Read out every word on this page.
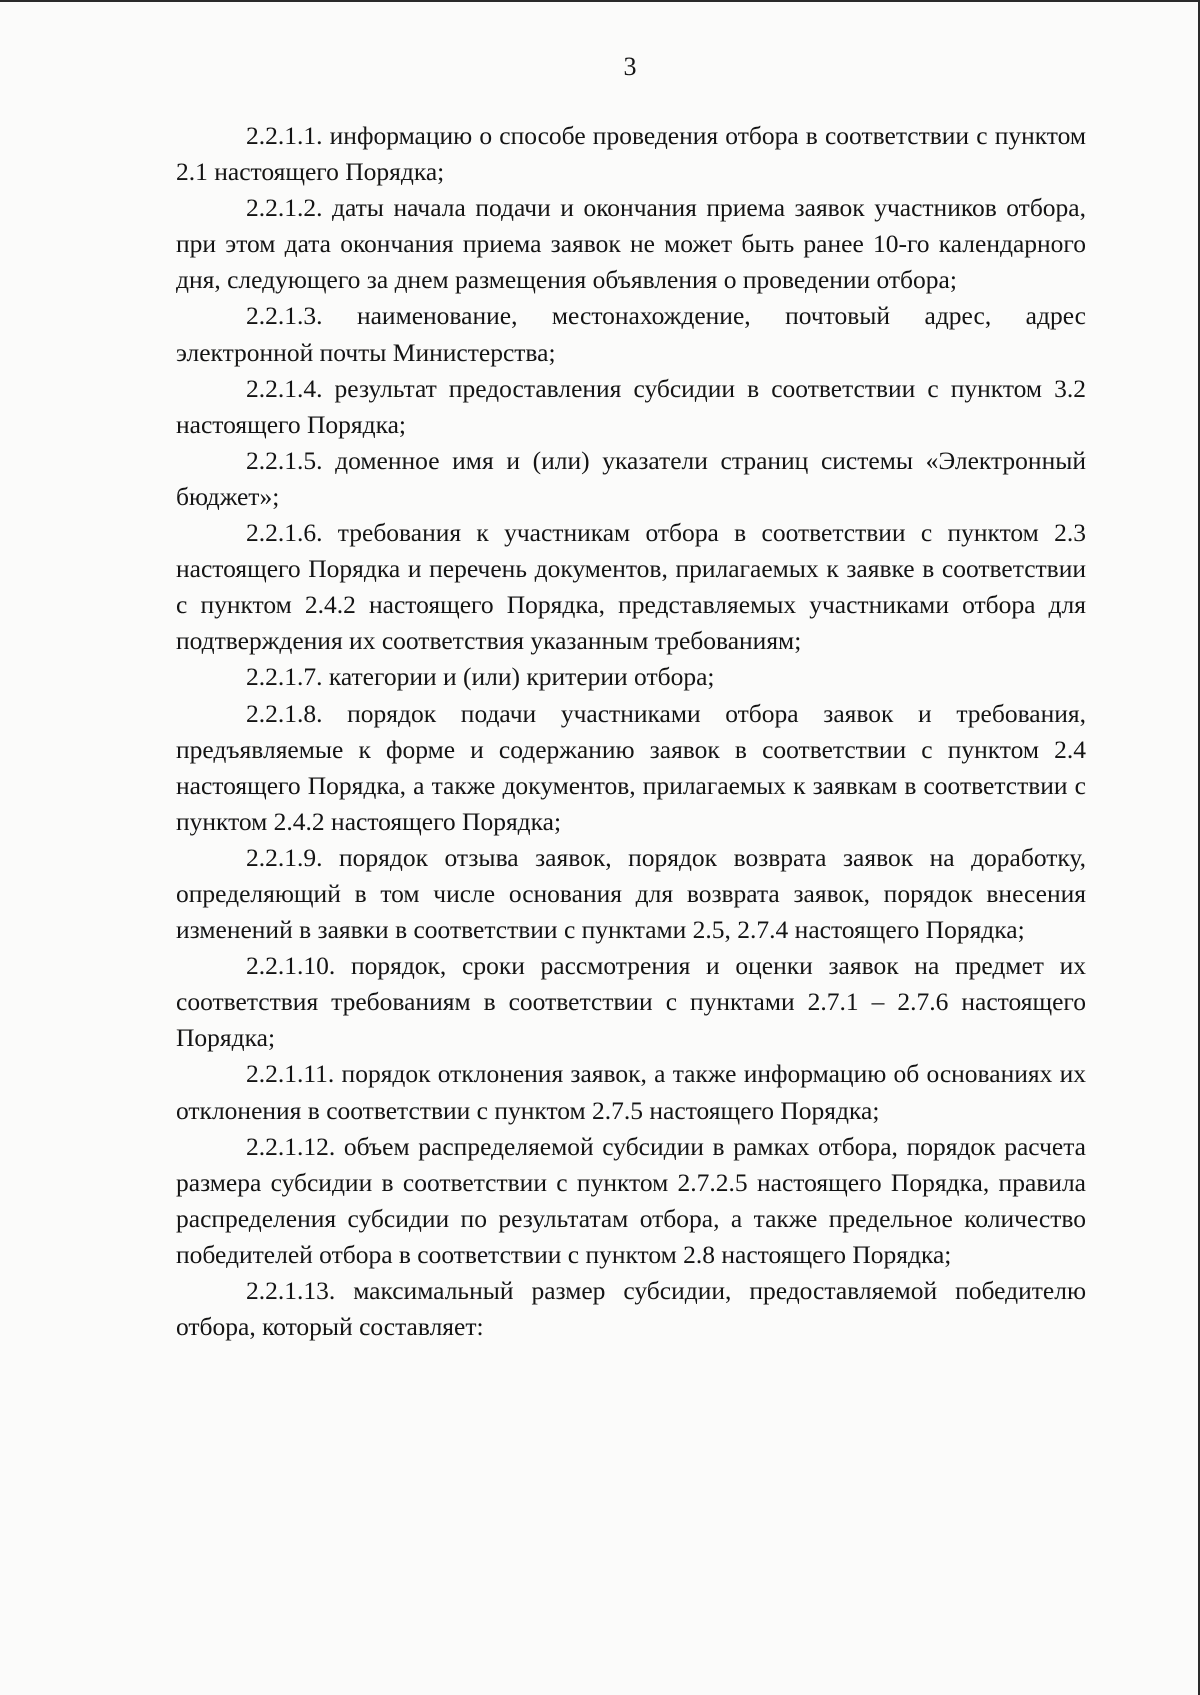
3

2.2.1.1. информацию о способе проведения отбора в соответствии с пунктом 2.1 настоящего Порядка;

2.2.1.2. даты начала подачи и окончания приема заявок участников отбора, при этом дата окончания приема заявок не может быть ранее 10-го календарного дня, следующего за днем размещения объявления о проведении отбора;

2.2.1.3. наименование, местонахождение, почтовый адрес, адрес электронной почты Министерства;

2.2.1.4. результат предоставления субсидии в соответствии с пунктом 3.2 настоящего Порядка;

2.2.1.5. доменное имя и (или) указатели страниц системы «Электронный бюджет»;

2.2.1.6. требования к участникам отбора в соответствии с пунктом 2.3 настоящего Порядка и перечень документов, прилагаемых к заявке в соответствии с пунктом 2.4.2 настоящего Порядка, представляемых участниками отбора для подтверждения их соответствия указанным требованиям;

2.2.1.7. категории и (или) критерии отбора;

2.2.1.8. порядок подачи участниками отбора заявок и требования, предъявляемые к форме и содержанию заявок в соответствии с пунктом 2.4 настоящего Порядка, а также документов, прилагаемых к заявкам в соответствии с пунктом 2.4.2 настоящего Порядка;

2.2.1.9. порядок отзыва заявок, порядок возврата заявок на доработку, определяющий в том числе основания для возврата заявок, порядок внесения изменений в заявки в соответствии с пунктами 2.5, 2.7.4 настоящего Порядка;

2.2.1.10. порядок, сроки рассмотрения и оценки заявок на предмет их соответствия требованиям в соответствии с пунктами 2.7.1 – 2.7.6 настоящего Порядка;

2.2.1.11. порядок отклонения заявок, а также информацию об основаниях их отклонения в соответствии с пунктом 2.7.5 настоящего Порядка;

2.2.1.12. объем распределяемой субсидии в рамках отбора, порядок расчета размера субсидии в соответствии с пунктом 2.7.2.5 настоящего Порядка, правила распределения субсидии по результатам отбора, а также предельное количество победителей отбора в соответствии с пунктом 2.8 настоящего Порядка;

2.2.1.13. максимальный размер субсидии, предоставляемой победителю отбора, который составляет:
